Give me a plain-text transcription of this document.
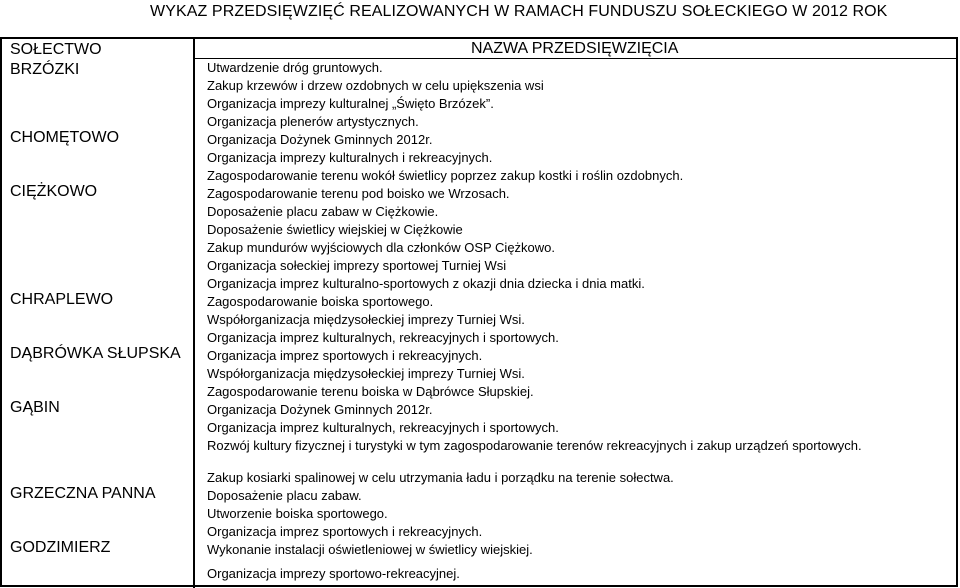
WYKAZ PRZEDSIĘWZIĘĆ REALIZOWANYCH W RAMACH FUNDUSZU SOŁECKIEGO W 2012 ROK
SOŁECTWO	NAZWA PRZEDSIĘWZIĘCIA
BRZÓZKI
CHOMĘTOWO
CIĘŻKOWO
CHRAPLEWO
DĄBRÓWKA SŁUPSKA
GĄBIN
GRZECZNA PANNA
GODZIMIERZ
Utwardzenie dróg gruntowych.
Zakup krzewów i drzew ozdobnych w celu upiększenia wsi
Organizacja imprezy kulturalnej „Święto Brzózek”.
Organizacja plenerów artystycznych.
Organizacja Dożynek Gminnych 2012r.
Organizacja imprezy kulturalnych i rekreacyjnych.
Zagospodarowanie terenu wokół świetlicy poprzez zakup kostki i roślin ozdobnych.
Zagospodarowanie terenu pod boisko we Wrzosach.
Doposażenie placu zabaw w Ciężkowie.
Doposażenie świetlicy wiejskiej w Ciężkowie
Zakup mundurów wyjściowych dla członków OSP Ciężkowo.
Organizacja sołeckiej imprezy sportowej Turniej Wsi
Organizacja imprez kulturalno-sportowych z okazji dnia dziecka i dnia matki.
Zagospodarowanie boiska sportowego.
Współorganizacja międzysołeckiej imprezy Turniej Wsi.
Organizacja imprez kulturalnych, rekreacyjnych i sportowych.
Organizacja imprez sportowych i rekreacyjnych.
Współorganizacja międzysołeckiej imprezy Turniej Wsi.
Zagospodarowanie terenu boiska w Dąbrówce Słupskiej.
Organizacja Dożynek Gminnych 2012r.
Organizacja imprez kulturalnych, rekreacyjnych i sportowych.
Rozwój kultury fizycznej i turystyki w tym zagospodarowanie terenów rekreacyjnych i zakup urządzeń sportowych.
Zakup kosiarki spalinowej w celu utrzymania ładu i porządku na terenie sołectwa.
Doposażenie placu zabaw.
Utworzenie boiska sportowego.
Organizacja imprez sportowych i rekreacyjnych.
Wykonanie instalacji oświetleniowej w świetlicy wiejskiej.
Organizacja imprezy sportowo-rekreacyjnej.
